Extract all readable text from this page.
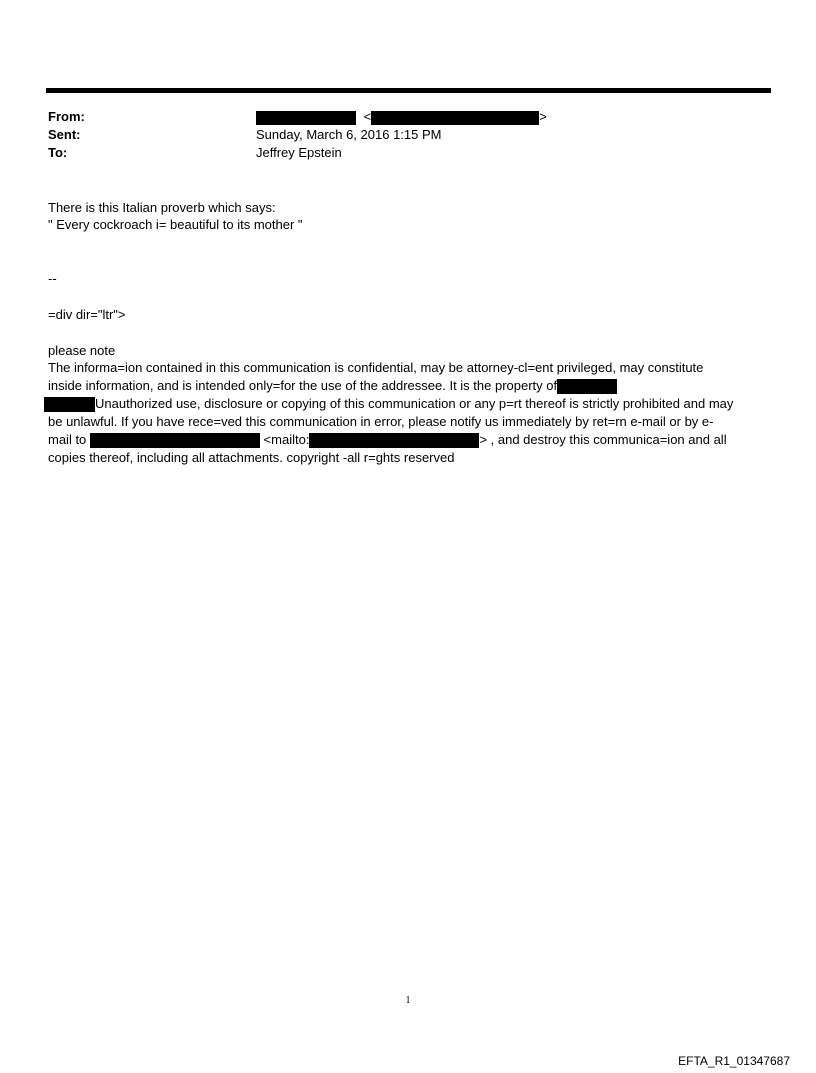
From:	<	>
Sent:	Sunday, March 6, 2016 1:15 PM
To:	Jeffrey Epstein
There is this Italian proverb which says:
" Every cockroach i= beautiful to its mother "
--
=div dir="ltr">
please note
The informa=ion contained in this communication is confidential, may be attorney-cl=ent privileged, may constitute
inside information, and is intended only=for the use of the addressee. It is the property of
Unauthorized use, disclosure or copying of this communication or any p=rt thereof is strictly prohibited and may
be unlawful. If you have rece=ved this communication in error, please notify us immediately by ret=rn e-mail or by e-
mail to	<mailto:	> , and destroy this communica=ion and all
copies thereof, including all attachments. copyright -all r=ghts reserved
1
EFTA_R1_01347687
